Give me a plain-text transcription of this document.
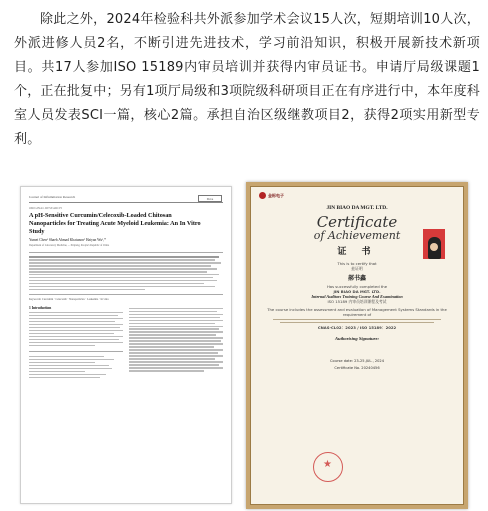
除此之外，2024年检验科共外派参加学术会议15人次，短期培训10人次，外派进修人员2名，不断引进先进技术，学习前沿知识，积极开展新技术新项目。共17人参加ISO 15189内审员培训并获得内审员证书。申请厅局级课题1个，正在批复中；另有1项厅局级和3项院级科研项目正在有序进行中，本年度科室人员发表SCI一篇，核心2篇。承担自治区级继教项目2，获得2项实用新型专利。
Journal of Inflammation Research	Dove
ORIGINAL RESEARCH
A pH-Sensitive Curcumin/Celecoxib-Loaded Chitosan Nanoparticles for Treating Acute Myeloid Leukemia: An In Vitro Study
Yumei Chen¹ Shaeb Ahmad Khatunon² Haiyan Wu¹,*
Department of Laboratory Medicine, ... Xinjiang, People's Republic of China
Keywords: Curcumin · Celecoxib · Nanoparticles · Leukemia · In vitro
1 Introduction
金标电子
JIN BIAO DA MGT. LTD.
Certificate
of Achievement
证 书
This is to certify that
兹证明
郝书鑫
Has successfully completed the
JIN BIAO DA MGT. LTD.
Internal Auditors Training Course And Examination
ISO 15189 内审员培训课程及考试
The course includes the assessment and evaluation of Management Systems Standards in the requirement of
CNAS-CL02：2023 / ISO 15189：2022
Authorising Signature:
★
Course date: 23-25.JUL., 2024
Certificate No. 20240456
